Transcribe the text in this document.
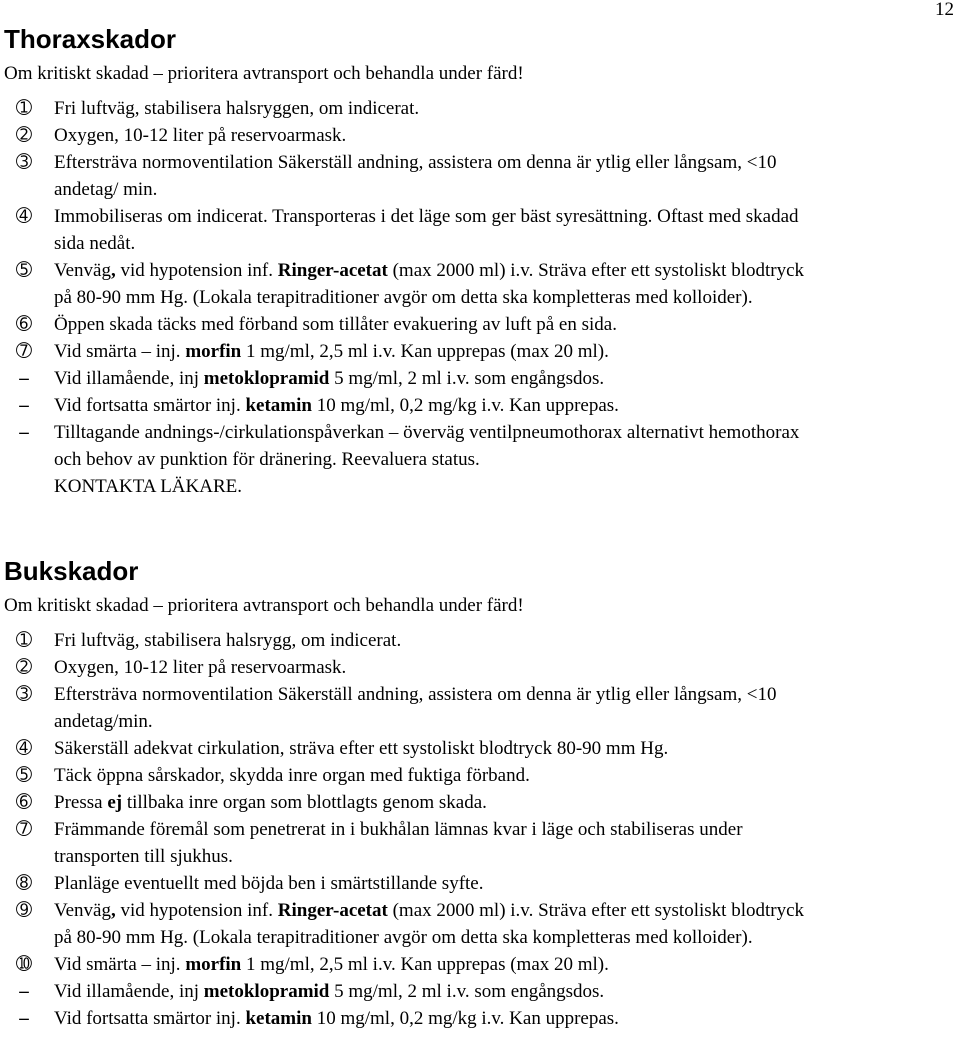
12
Thoraxskador

Om kritiskt skadad – prioritera avtransport och behandla under färd!

➀ Fri luftväg, stabilisera halsryggen, om indicerat.
➁ Oxygen, 10-12 liter på reservoarmask.
➂ Eftersträva normoventilation Säkerställ andning, assistera om denna är ytlig eller långsam, <10
andetag/ min.
➃ Immobiliseras om indicerat. Transporteras i det läge som ger bäst syresättning. Oftast med skadad
sida nedåt.
➄ Venväg, vid hypotension inf. Ringer-acetat (max 2000 ml) i.v. Sträva efter ett systoliskt blodtryck
på 80-90 mm Hg. (Lokala terapitraditioner avgör om detta ska kompletteras med kolloider).
➅ Öppen skada täcks med förband som tillåter evakuering av luft på en sida.
➆ Vid smärta – inj. morfin 1 mg/ml, 2,5 ml i.v. Kan upprepas (max 20 ml).
–	Vid illamående, inj metoklopramid 5 mg/ml, 2 ml i.v. som engångsdos.
–	Vid fortsatta smärtor inj. ketamin 10 mg/ml, 0,2 mg/kg i.v. Kan upprepas.
–	Tilltagande andnings-/cirkulationspåverkan – överväg ventilpneumothorax alternativt hemothorax
och behov av punktion för dränering. Reevaluera status.
KONTAKTA LÄKARE.
Bukskador

Om kritiskt skadad – prioritera avtransport och behandla under färd!

➀ Fri luftväg, stabilisera halsrygg, om indicerat.
➁ Oxygen, 10-12 liter på reservoarmask.
➂ Eftersträva normoventilation Säkerställ andning, assistera om denna är ytlig eller långsam, <10
andetag/min.
➃ Säkerställ adekvat cirkulation, sträva efter ett systoliskt blodtryck 80-90 mm Hg.
➄ Täck öppna sårskador, skydda inre organ med fuktiga förband.
➅ Pressa ej tillbaka inre organ som blottlagts genom skada.
➆ Främmande föremål som penetrerat in i bukhålan lämnas kvar i läge och stabiliseras under
transporten till sjukhus.
➇ Planläge eventuellt med böjda ben i smärtstillande syfte.
➈ Venväg, vid hypotension inf. Ringer-acetat (max 2000 ml) i.v. Sträva efter ett systoliskt blodtryck
på 80-90 mm Hg. (Lokala terapitraditioner avgör om detta ska kompletteras med kolloider).
➉ Vid smärta – inj. morfin 1 mg/ml, 2,5 ml i.v. Kan upprepas (max 20 ml).
–	Vid illamående, inj metoklopramid 5 mg/ml, 2 ml i.v. som engångsdos.
–	Vid fortsatta smärtor inj. ketamin 10 mg/ml, 0,2 mg/kg i.v. Kan upprepas.
